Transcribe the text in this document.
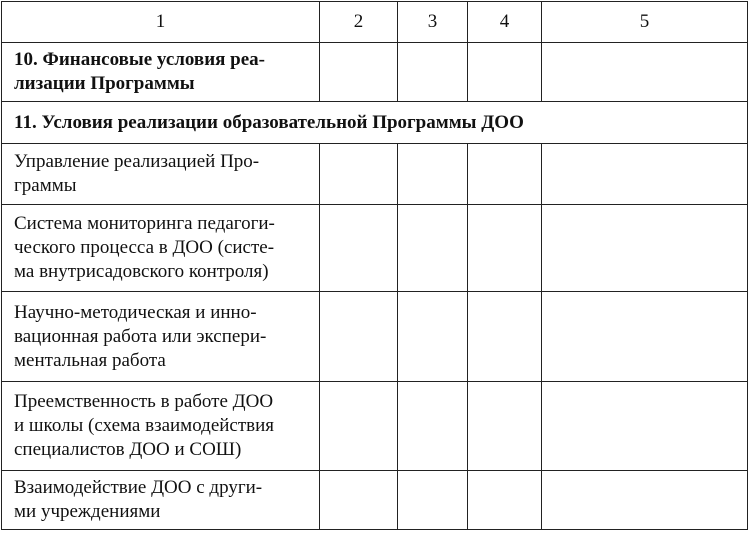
1	2	3	4	5

10. Финансовые условия реа-
лизации Программы				

11. Условия реализации образовательной Программы ДОО				

Управление реализацией Про-
граммы				

Система мониторинга педагоги-
ческого процесса в ДОО (систе-
ма внутрисадовского контроля)				

Научно-методическая и инно-
вационная работа или экспери-
ментальная работа				

Преемственность в работе ДОО
и школы (схема взаимодействия
специалистов ДОО и СОШ)				

Взаимодействие ДОО с други-
ми учреждениями				
